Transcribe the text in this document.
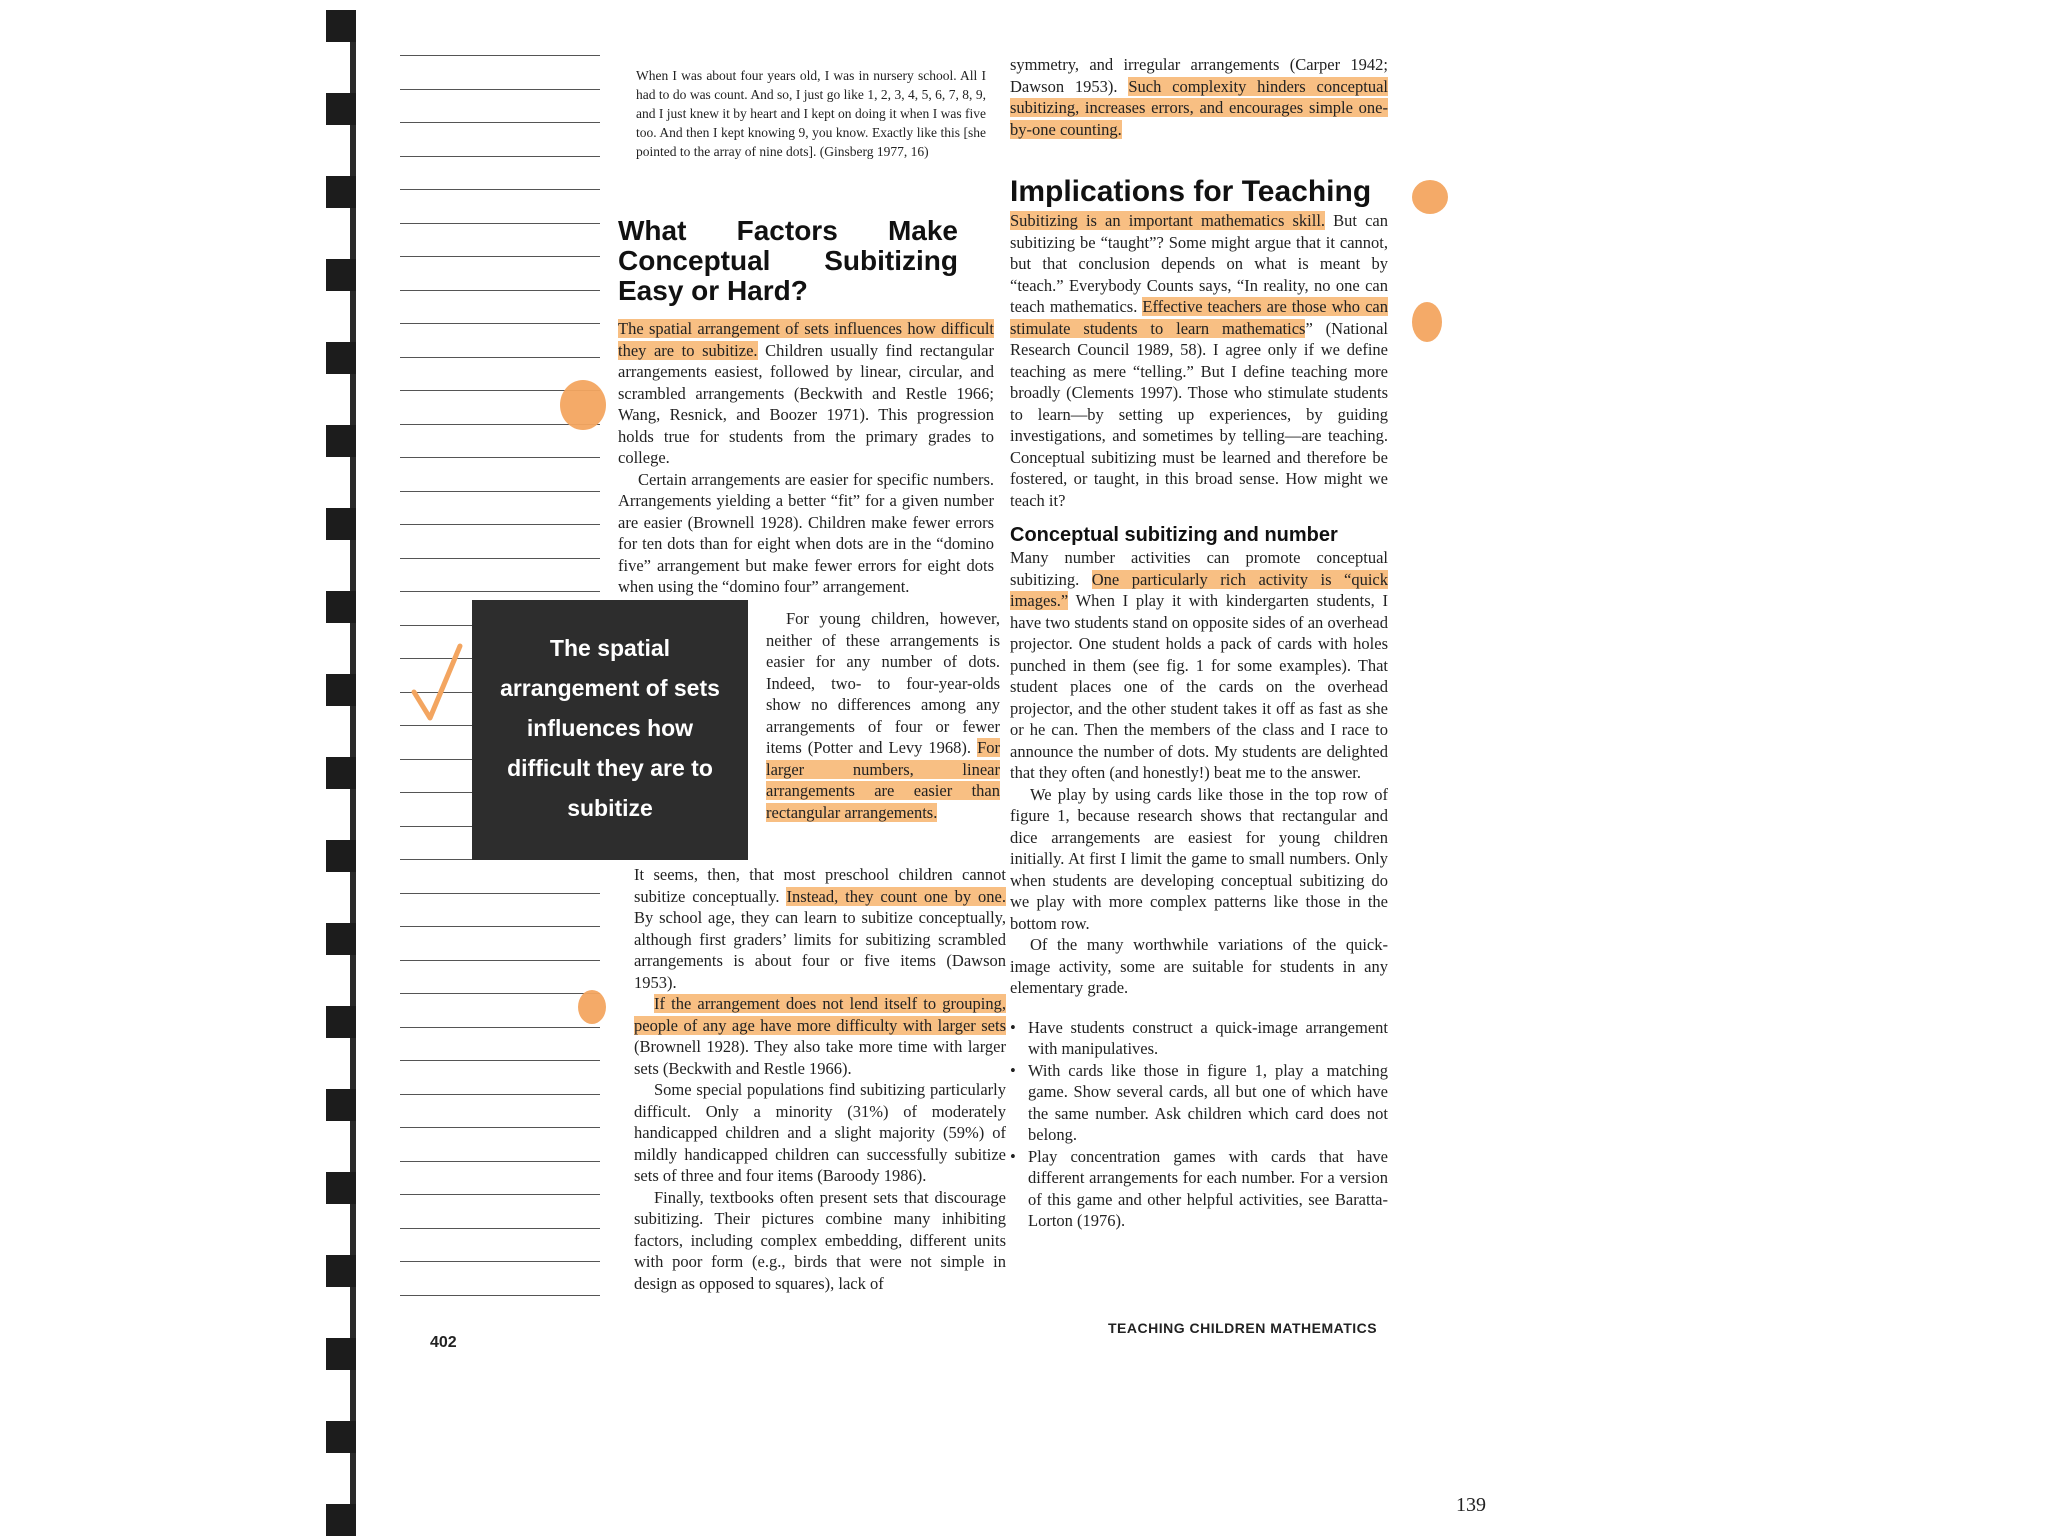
When I was about four years old, I was in nursery school. All I had to do was count. And so, I just go like 1, 2, 3, 4, 5, 6, 7, 8, 9, and I just knew it by heart and I kept on doing it when I was five too. And then I kept knowing 9, you know. Exactly like this [she pointed to the array of nine dots]. (Ginsberg 1977, 16)
What Factors Make Conceptual Subitizing Easy or Hard?

The spatial arrangement of sets influences how difficult they are to subitize. Children usually find rectangular arrangements easiest, followed by linear, circular, and scrambled arrangements (Beckwith and Restle 1966; Wang, Resnick, and Boozer 1971). This progression holds true for students from the primary grades to college.

Certain arrangements are easier for specific numbers. Arrangements yielding a better “fit” for a given number are easier (Brownell 1928). Children make fewer errors for ten dots than for eight when dots are in the “domino five” arrangement but make fewer errors for eight dots when using the “domino four” arrangement.

The spatial
arrangement of sets
influences how
difficult they are to
subitize

For young children, however, neither of these arrangements is easier for any number of dots. Indeed, two- to four-year-olds show no differences among any arrangements of four or fewer items (Potter and Levy 1968). For larger numbers, linear arrangements are easier than rectangular arrangements.

It seems, then, that most preschool children cannot subitize conceptually. Instead, they count one by one. By school age, they can learn to subitize conceptually, although first graders’ limits for subitizing scrambled arrangements is about four or five items (Dawson 1953).

If the arrangement does not lend itself to grouping, people of any age have more difficulty with larger sets (Brownell 1928). They also take more time with larger sets (Beckwith and Restle 1966).

Some special populations find subitizing particularly difficult. Only a minority (31%) of moderately handicapped children and a slight majority (59%) of mildly handicapped children can successfully subitize sets of three and four items (Baroody 1986).

Finally, textbooks often present sets that discourage subitizing. Their pictures combine many inhibiting factors, including complex embedding, different units with poor form (e.g., birds that were not simple in design as opposed to squares), lack of

symmetry, and irregular arrangements (Carper 1942; Dawson 1953). Such complexity hinders conceptual subitizing, increases errors, and encourages simple one-by-one counting.

Implications for Teaching

Subitizing is an important mathematics skill. But can subitizing be “taught”? Some might argue that it cannot, but that conclusion depends on what is meant by “teach.” Everybody Counts says, “In reality, no one can teach mathematics. Effective teachers are those who can stimulate students to learn mathematics” (National Research Council 1989, 58). I agree only if we define teaching as mere “telling.” But I define teaching more broadly (Clements 1997). Those who stimulate students to learn—by setting up experiences, by guiding investigations, and sometimes by telling—are teaching. Conceptual subitizing must be learned and therefore be fostered, or taught, in this broad sense. How might we teach it?

Conceptual subitizing and number

Many number activities can promote conceptual subitizing. One particularly rich activity is “quick images.” When I play it with kindergarten students, I have two students stand on opposite sides of an overhead projector. One student holds a pack of cards with holes punched in them (see fig. 1 for some examples). That student places one of the cards on the overhead projector, and the other student takes it off as fast as she or he can. Then the members of the class and I race to announce the number of dots. My students are delighted that they often (and honestly!) beat me to the answer.

We play by using cards like those in the top row of figure 1, because research shows that rectangular and dice arrangements are easiest for young children initially. At first I limit the game to small numbers. Only when students are developing conceptual subitizing do we play with more complex patterns like those in the bottom row.

Of the many worthwhile variations of the quick-image activity, some are suitable for students in any elementary grade.

• Have students construct a quick-image arrangement with manipulatives.

• With cards like those in figure 1, play a matching game. Show several cards, all but one of which have the same number. Ask children which card does not belong.

• Play concentration games with cards that have different arrangements for each number. For a version of this game and other helpful activities, see Baratta-Lorton (1976).

402
TEACHING CHILDREN MATHEMATICS
139
